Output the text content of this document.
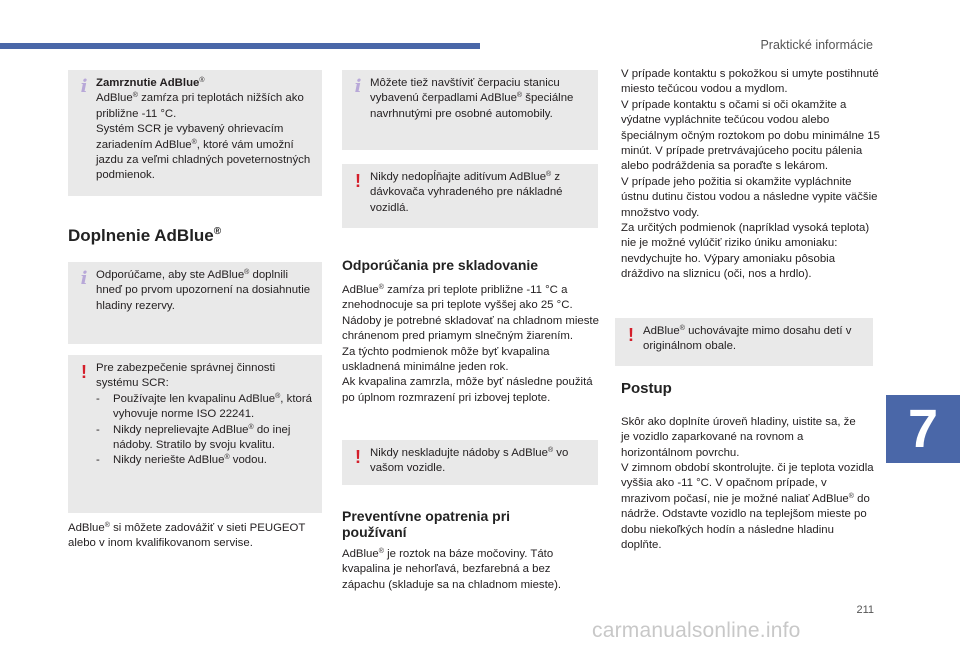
Praktické informácie
7
211
carmanualsonline.info
i Zamrznutie AdBlue®

AdBlue® zamŕza pri teplotách nižších ako približne -11 °C.

Systém SCR je vybavený ohrievacím

zariadením AdBlue®, ktoré vám umožní jazdu za veľmi chladných poveternostných podmienok.

Doplnenie AdBlue®
i Odporúčame, aby ste AdBlue® doplnili hneď po prvom upozornení na dosiahnutie hladiny rezervy.

! Pre zabezpečenie správnej činnosti systému SCR:

- Používajte len kvapalinu AdBlue®, ktorá vyhovuje norme ISO 22241.
- Nikdy neprelievajte AdBlue® do inej nádoby. Stratilo by svoju kvalitu.
- Nikdy neriešte AdBlue® vodou.

AdBlue® si môžete zadovážiť v sieti PEUGEOT alebo v inom kvalifikovanom servise.

i Môžete tiež navštíviť čerpaciu stanicu vybavenú čerpadlami AdBlue® špeciálne navrhnutými pre osobné automobily.

! Nikdy nedopĺňajte aditívum AdBlue® z dávkovača vyhradeného pre nákladné vozidlá.

Odporúčania pre skladovanie

AdBlue® zamŕza pri teplote približne -11 °C a znehodnocuje sa pri teplote vyššej ako 25 °C. Nádoby je potrebné skladovať na chladnom mieste chránenom pred priamym slnečným žiarením.

Za týchto podmienok môže byť kvapalina uskladnená minimálne jeden rok.

Ak kvapalina zamrzla, môže byť následne použitá po úplnom rozmrazení pri izbovej teplote.

! Nikdy neskladujte nádoby s AdBlue® vo vašom vozidle.

Preventívne opatrenia pri používaní

AdBlue® je roztok na báze močoviny. Táto kvapalina je nehorľavá, bezfarebná a bez zápachu (skladuje sa na chladnom mieste).

V prípade kontaktu s pokožkou si umyte postihnuté miesto tečúcou vodou a mydlom.

V prípade kontaktu s očami si oči okamžite a výdatne vypláchnite tečúcou vodou alebo špeciálnym očným roztokom po dobu minimálne 15 minút. V prípade pretrvávajúceho pocitu pálenia alebo podráždenia sa poraďte s lekárom.

V prípade jeho požitia si okamžite vypláchnite ústnu dutinu čistou vodou a následne vypite väčšie množstvo vody.

Za určitých podmienok (napríklad vysoká teplota) nie je možné vylúčiť riziko úniku amoniaku: nevdychujte ho. Výpary amoniaku pôsobia dráždivo na sliznicu (oči, nos a hrdlo).

! AdBlue® uchovávajte mimo dosahu detí v originálnom obale.

Postup

Skôr ako doplníte úroveň hladiny, uistite sa, že je vozidlo zaparkované na rovnom a horizontálnom povrchu.

V zimnom období skontrolujte. či je teplota vozidla vyššia ako -11 °C. V opačnom prípade, v mrazivom počasí, nie je možné naliať AdBlue® do nádrže. Odstavte vozidlo na teplejšom mieste po dobu niekoľkých hodín a následne hladinu doplňte.
